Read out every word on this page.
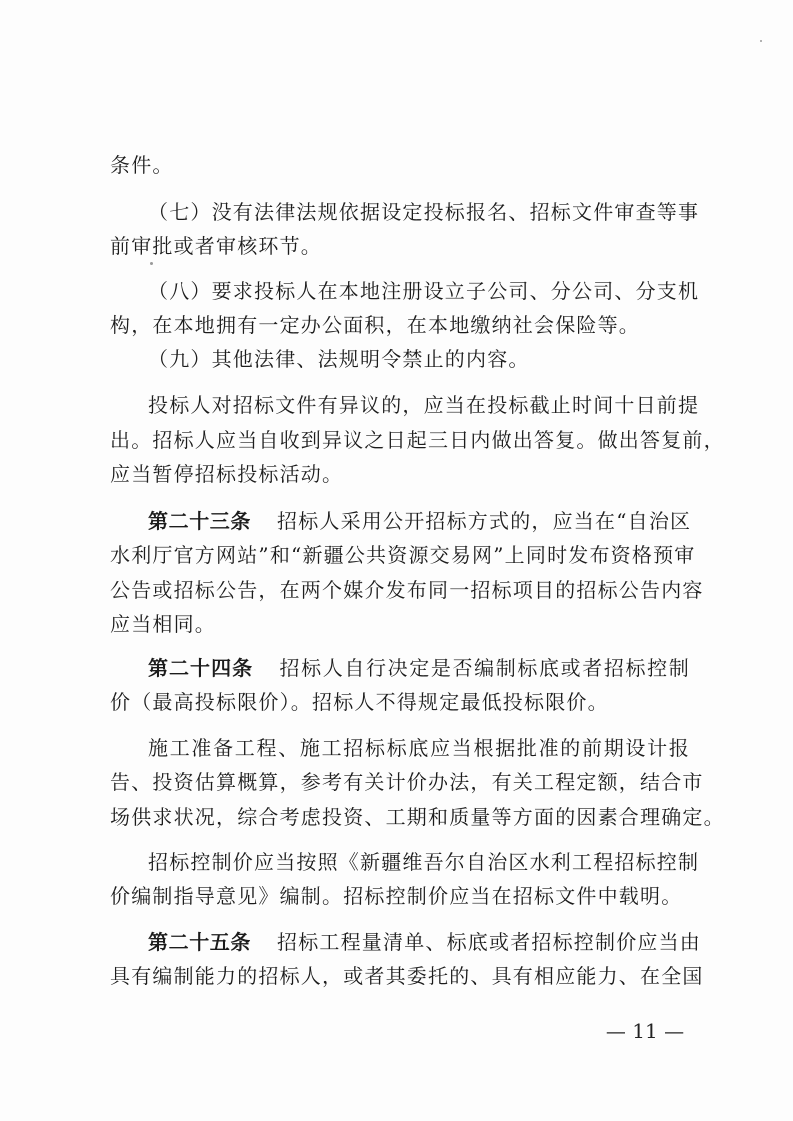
条件。
（七）没有法律法规依据设定投标报名、招标文件审查等事
前审批或者审核环节。
（八）要求投标人在本地注册设立子公司、分公司、分支机
构，在本地拥有一定办公面积，在本地缴纳社会保险等。
（九）其他法律、法规明令禁止的内容。
投标人对招标文件有异议的，应当在投标截止时间十日前提
出。招标人应当自收到异议之日起三日内做出答复。做出答复前，
应当暂停招标投标活动。
第二十三条 招标人采用公开招标方式的，应当在“自治区
水利厅官方网站”和“新疆公共资源交易网”上同时发布资格预审
公告或招标公告，在两个媒介发布同一招标项目的招标公告内容
应当相同。
第二十四条 招标人自行决定是否编制标底或者招标控制
价（最高投标限价）。招标人不得规定最低投标限价。
施工准备工程、施工招标标底应当根据批准的前期设计报
告、投资估算概算，参考有关计价办法，有关工程定额，结合市
场供求状况，综合考虑投资、工期和质量等方面的因素合理确定。
招标控制价应当按照《新疆维吾尔自治区水利工程招标控制
价编制指导意见》编制。招标控制价应当在招标文件中载明。
第二十五条 招标工程量清单、标底或者招标控制价应当由
具有编制能力的招标人，或者其委托的、具有相应能力、在全国
— 11 —
